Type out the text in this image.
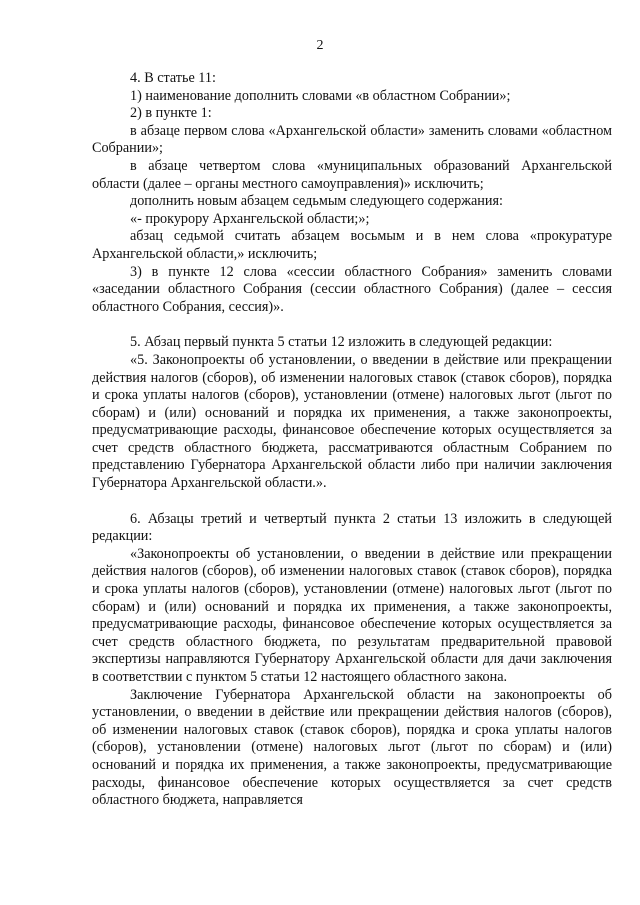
2

4. В статье 11:

1) наименование дополнить словами «в областном Собрании»;

2) в пункте 1:

в абзаце первом слова «Архангельской области» заменить словами «областном Собрании»;

в абзаце четвертом слова «муниципальных образований Архангельской области (далее – органы местного самоуправления)» исключить;

дополнить новым абзацем седьмым следующего содержания:

«- прокурору Архангельской области;»;

абзац седьмой считать абзацем восьмым и в нем слова «прокуратуре Архангельской области,» исключить;

3) в пункте 12 слова «сессии областного Собрания» заменить словами «заседании областного Собрания (сессии областного Собрания) (далее – сессия областного Собрания, сессия)».

5. Абзац первый пункта 5 статьи 12 изложить в следующей редакции:

«5. Законопроекты об установлении, о введении в действие или прекращении действия налогов (сборов), об изменении налоговых ставок (ставок сборов), порядка и срока уплаты налогов (сборов), установлении (отмене) налоговых льгот (льгот по сборам) и (или) оснований и порядка их применения, а также законопроекты, предусматривающие расходы, финансовое обеспечение которых осуществляется за счет средств областного бюджета, рассматриваются областным Собранием по представлению Губернатора Архангельской области либо при наличии заключения Губернатора Архангельской области.».

6. Абзацы третий и четвертый пункта 2 статьи 13 изложить в следующей редакции:

«Законопроекты об установлении, о введении в действие или прекращении действия налогов (сборов), об изменении налоговых ставок (ставок сборов), порядка и срока уплаты налогов (сборов), установлении (отмене) налоговых льгот (льгот по сборам) и (или) оснований и порядка их применения, а также законопроекты, предусматривающие расходы, финансовое обеспечение которых осуществляется за счет средств областного бюджета, по результатам предварительной правовой экспертизы направляются Губернатору Архангельской области для дачи заключения в соответствии с пунктом 5 статьи 12 настоящего областного закона.

Заключение Губернатора Архангельской области на законопроекты об установлении, о введении в действие или прекращении действия налогов (сборов), об изменении налоговых ставок (ставок сборов), порядка и срока уплаты налогов (сборов), установлении (отмене) налоговых льгот (льгот по сборам) и (или) оснований и порядка их применения, а также законопроекты, предусматривающие расходы, финансовое обеспечение которых осуществляется за счет средств областного бюджета, направляется
